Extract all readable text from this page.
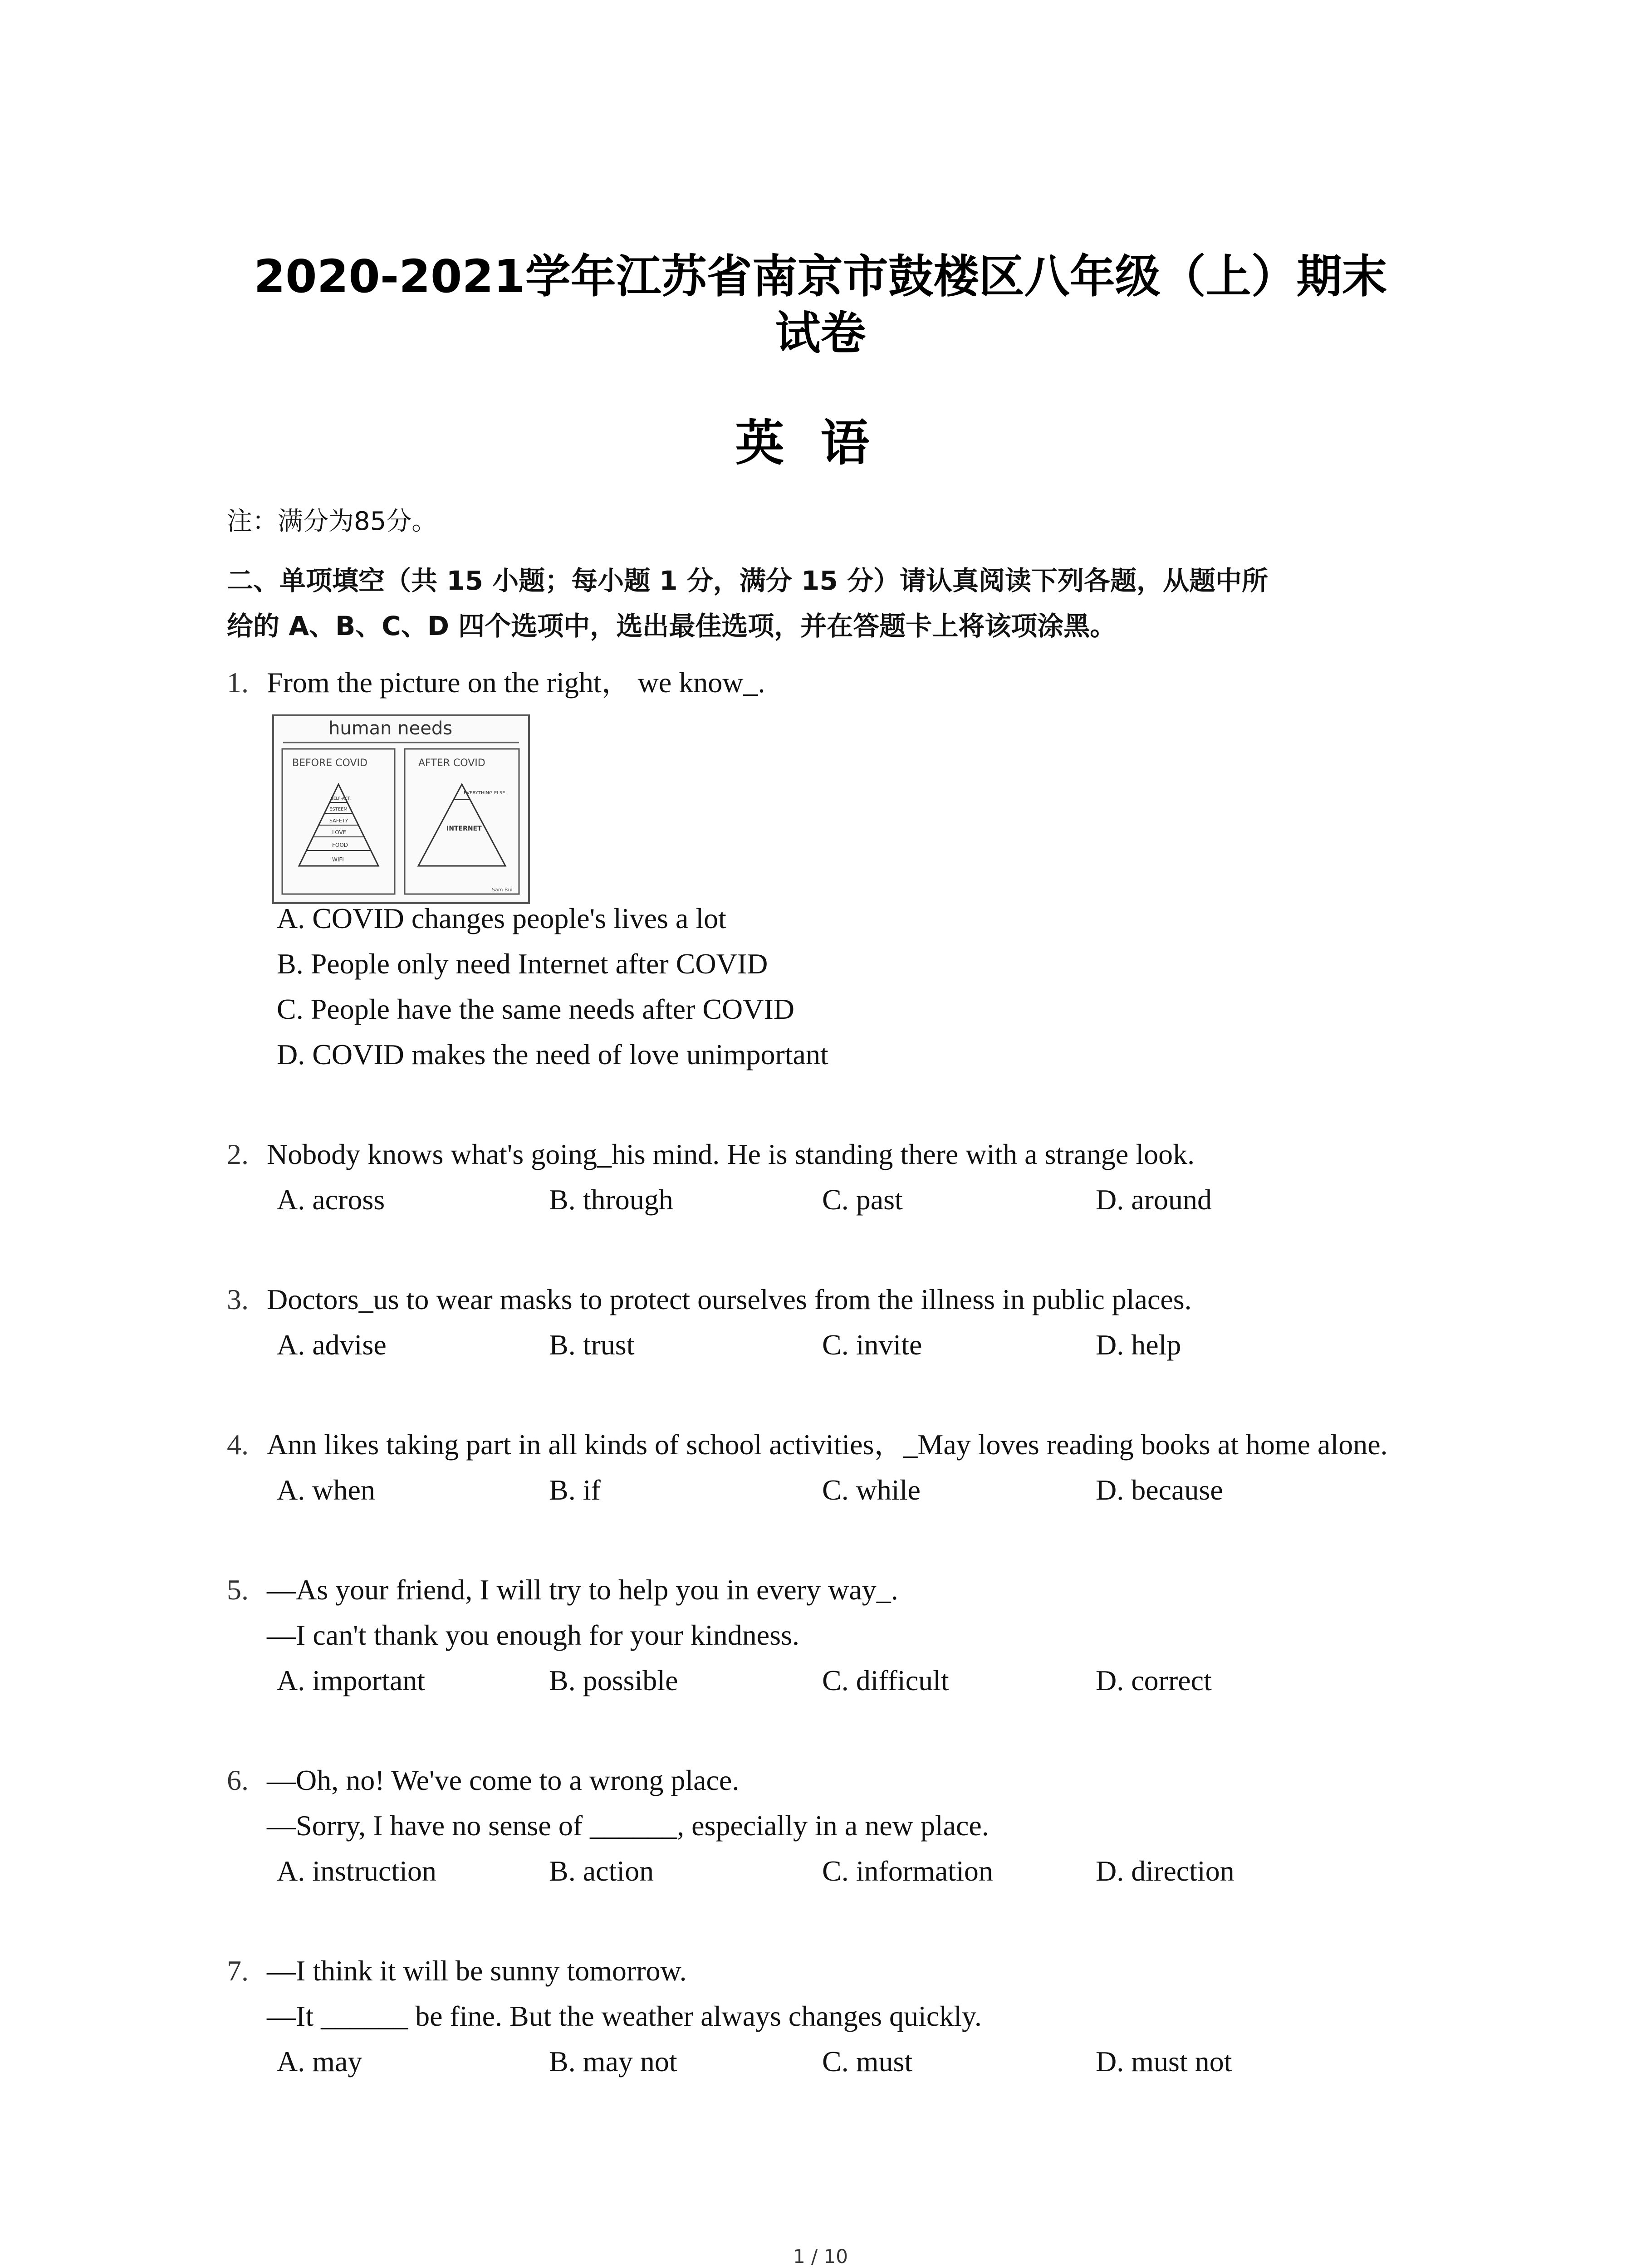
2020-2021学年江苏省南京市鼓楼区八年级（上）期末
试卷
英语
注：满分为85分。
二、单项填空（共 15 小题；每小题 1 分，满分 15 分）请认真阅读下列各题，从题中所
给的 A、B、C、D 四个选项中，选出最佳选项，并在答题卡上将该项涂黑。
1. From the picture on the right， we know_.
human needs
BEFORE COVID	AFTER COVID
WIFI
FOOD
LOVE
SAFETY
ESTEEM
SELF-ACT.
EVERYTHING ELSE
INTERNET
Sam Bui
A. COVID changes people's lives a lot
B. People only need Internet after COVID
C. People have the same needs after COVID
D. COVID makes the need of love unimportant
2. Nobody knows what's going_his mind. He is standing there with a strange look.
A. across	B. through	C. past	D. around
3. Doctors_us to wear masks to protect ourselves from the illness in public places.
A. advise	B. trust	C. invite	D. help
4. Ann likes taking part in all kinds of school activities，_May loves reading books at home alone.
A. when	B. if	C. while	D. because
5. —As your friend, I will try to help you in every way_.
—I can't thank you enough for your kindness.
A. important	B. possible	C. difficult	D. correct
6. —Oh, no! We've come to a wrong place.
—Sorry, I have no sense of ______, especially in a new place.
A. instruction	B. action	C. information	D. direction
7. —I think it will be sunny tomorrow.
—It ______ be fine. But the weather always changes quickly.
A. may	B. may not	C. must	D. must not
1 / 10
